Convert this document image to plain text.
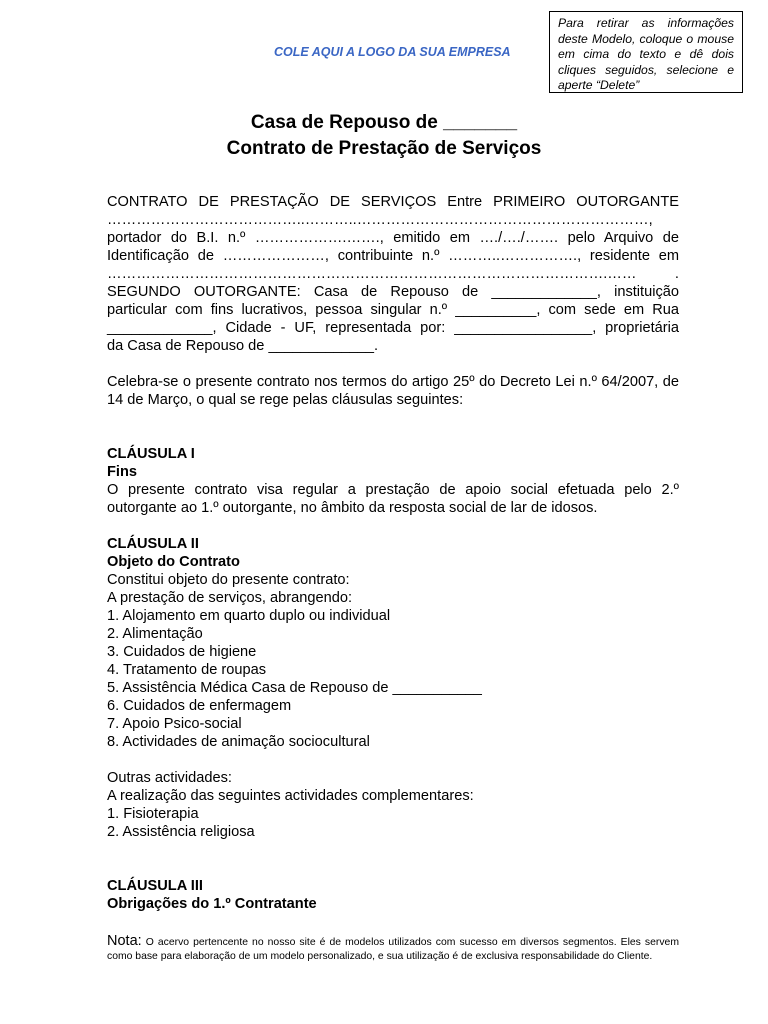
COLE AQUI A LOGO DA SUA EMPRESA
Para retirar as informações deste Modelo, coloque o mouse em cima do texto e dê dois cliques seguidos, selecione e aperte “Delete”
Casa de Repouso de _______
Contrato de Prestação de Serviços

CONTRATO DE PRESTAÇÃO DE SERVIÇOS Entre PRIMEIRO OUTORGANTE

…………………………………..………..……………………………………………………,

portador do B.I. n.º ……………….……., emitido em …./…./……. pelo Arquivo de

Identificação de …………………, contribuinte n.º ………..……………., residente em

………………………………………………………………………………………….…… .

SEGUNDO OUTORGANTE: Casa de Repouso de _____________, instituição

particular com fins lucrativos, pessoa singular n.º __________, com sede em Rua

_____________, Cidade - UF, representada por: _________________, proprietária

da Casa de Repouso de _____________.

Celebra-se o presente contrato nos termos do artigo 25º do Decreto Lei n.º 64/2007, de 14 de Março, o qual se rege pelas cláusulas seguintes:

CLÁUSULA I

Fins

O presente contrato visa regular a prestação de apoio social efetuada pelo 2.º outorgante ao 1.º outorgante, no âmbito da resposta social de lar de idosos.

CLÁUSULA II

Objeto do Contrato

Constitui objeto do presente contrato:

A prestação de serviços, abrangendo:

1. Alojamento em quarto duplo ou individual

2. Alimentação

3. Cuidados de higiene

4. Tratamento de roupas

5. Assistência Médica Casa de Repouso de ___________

6. Cuidados de enfermagem

7. Apoio Psico-social

8. Actividades de animação sociocultural

Outras actividades:

A realização das seguintes actividades complementares:

1. Fisioterapia

2. Assistência religiosa

CLÁUSULA III

Obrigações do 1.º Contratante

Nota: O acervo pertencente no nosso site é de modelos utilizados com sucesso em diversos segmentos. Eles servem como base para elaboração de um modelo personalizado, e sua utilização é de exclusiva responsabilidade do Cliente.
